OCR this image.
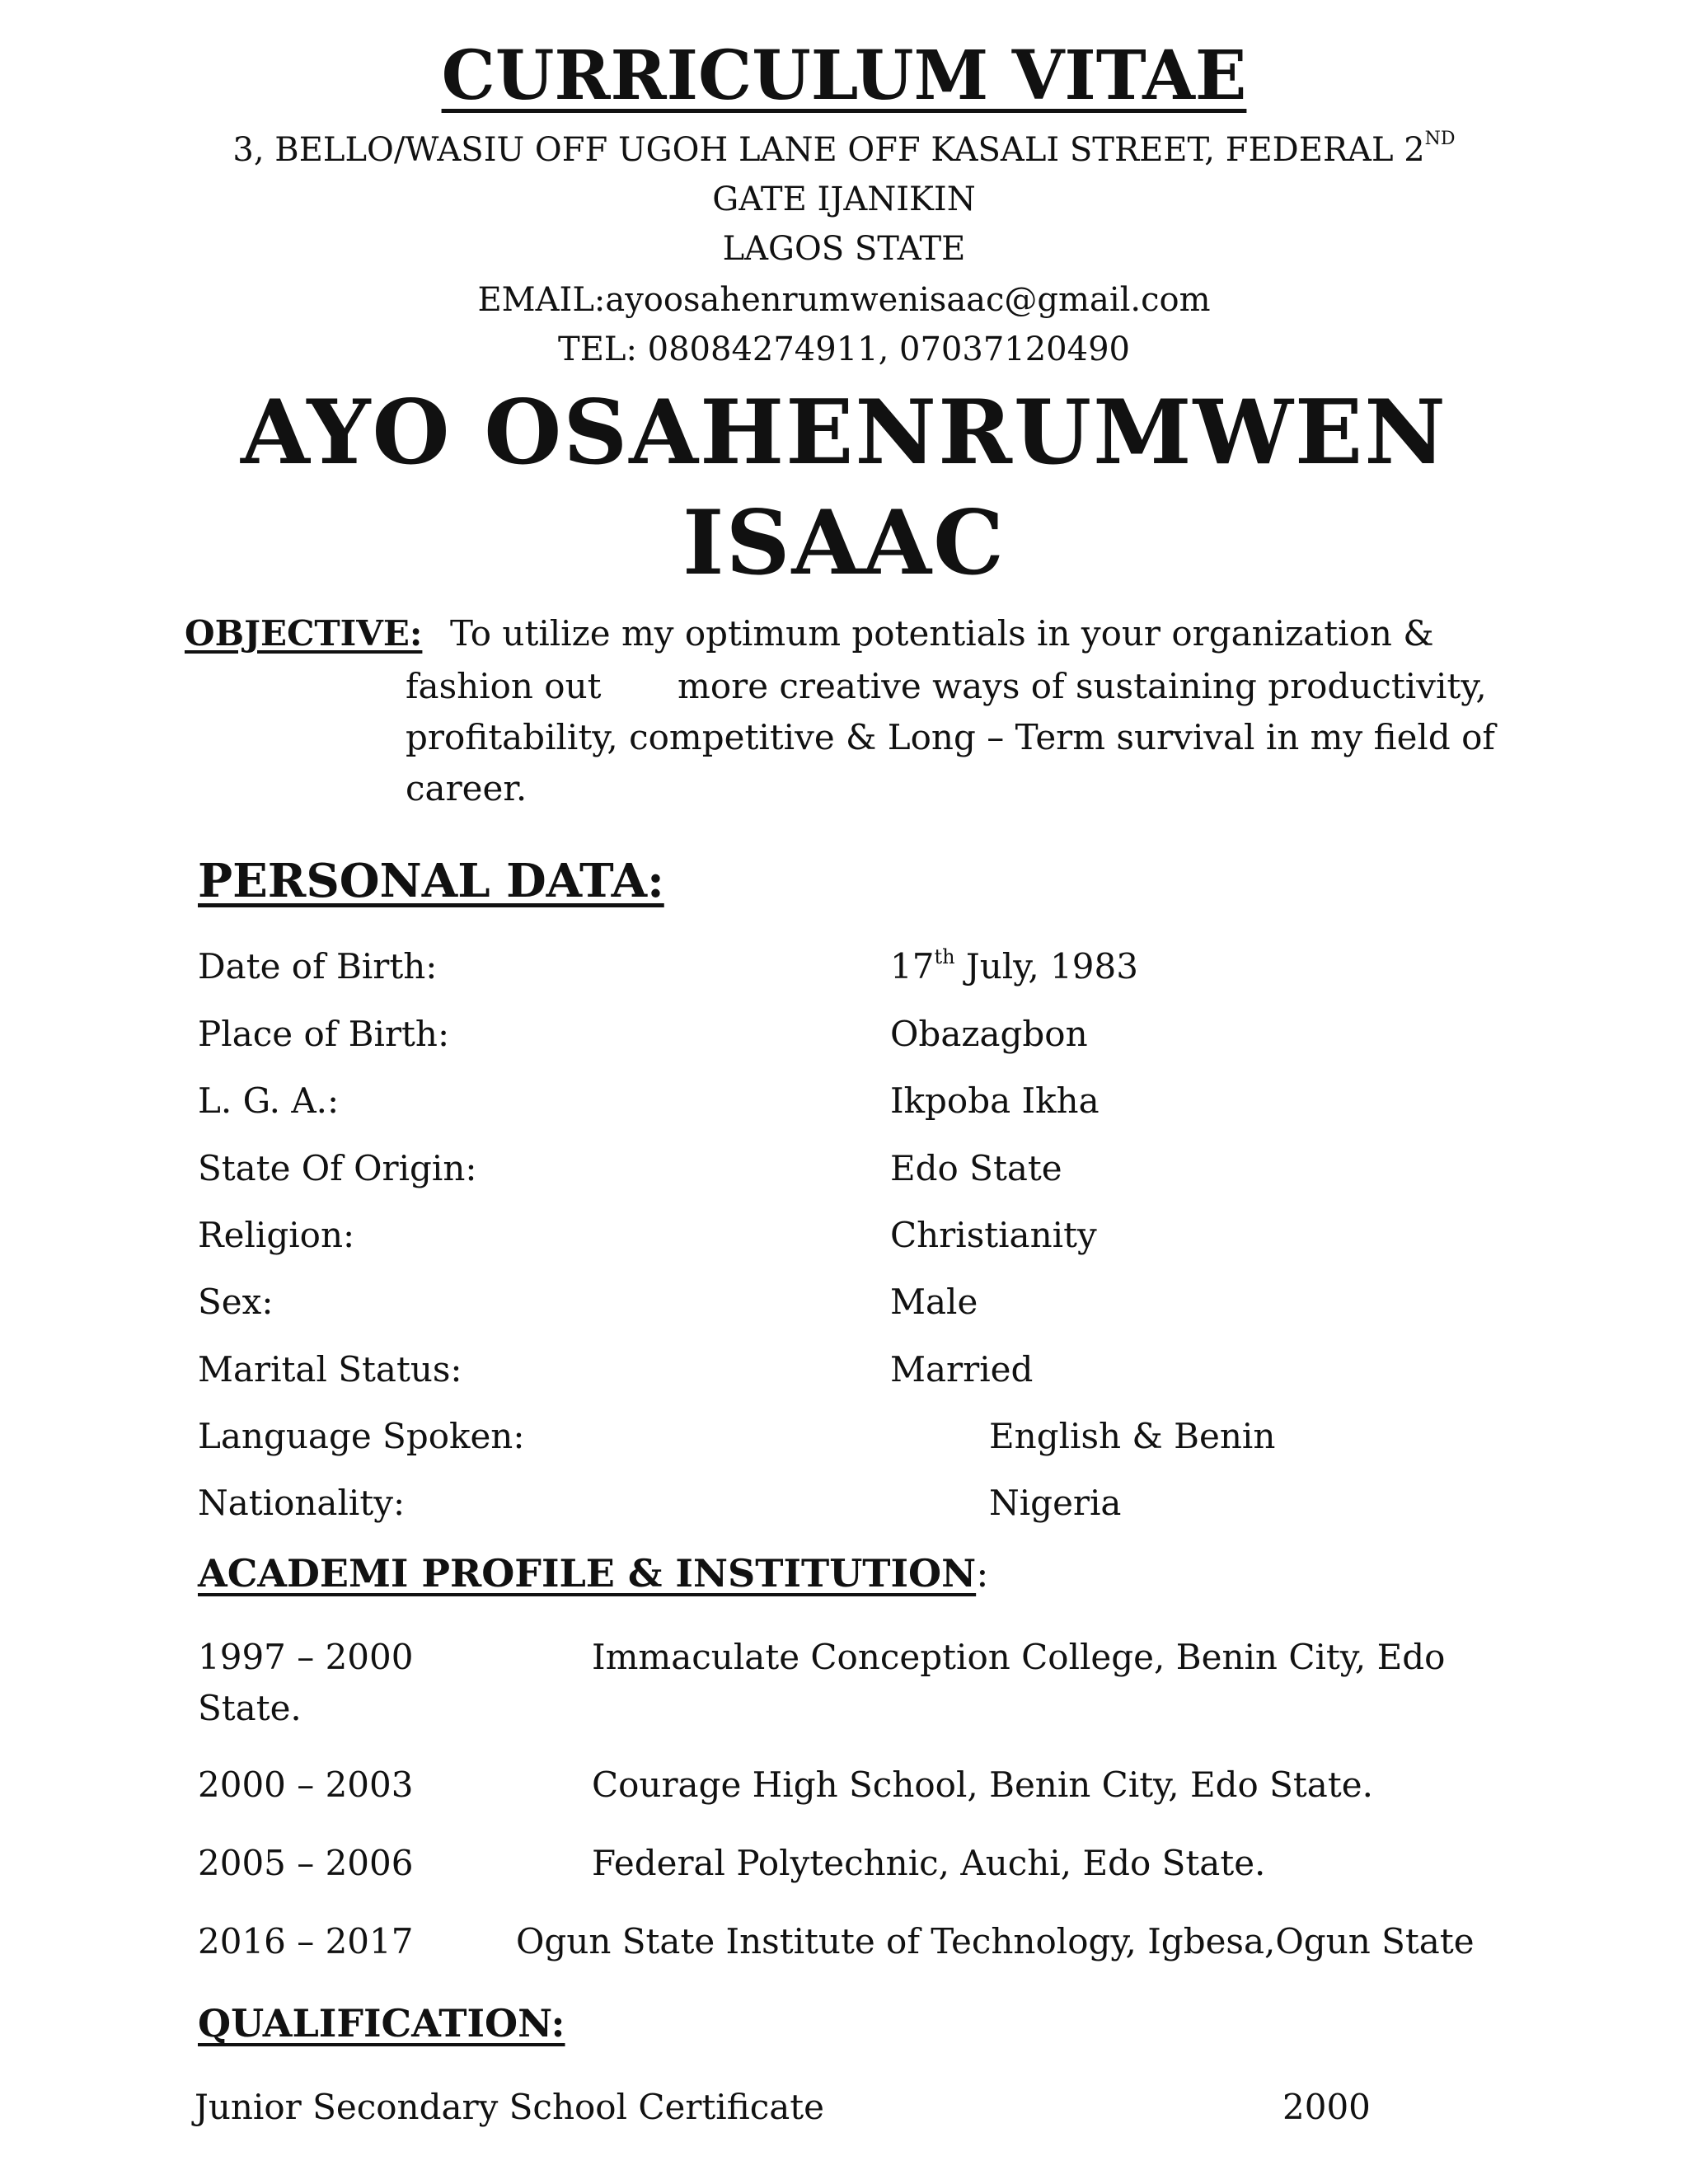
CURRICULUM VITAE
3, BELLO/WASIU OFF UGOH LANE OFF KASALI STREET, FEDERAL 2ND
GATE IJANIKIN
LAGOS STATE
EMAIL:ayoosahenrumwenisaac@gmail.com
TEL: 08084274911, 07037120490
AYO OSAHENRUMWEN
ISAAC
OBJECTIVE: To utilize my optimum potentials in your organization &
fashion out more creative ways of sustaining productivity,
profitability, competitive & Long – Term survival in my field of
career.
PERSONAL DATA:
Date of Birth:	17th July, 1983
Place of Birth:	Obazagbon
L. G. A.:	Ikpoba Ikha
State Of Origin:	Edo State
Religion:	Christianity
Sex:	Male
Marital Status:	Married
Language Spoken:	English & Benin
Nationality:	Nigeria
ACADEMI PROFILE & INSTITUTION:
1997 – 2000	Immaculate Conception College, Benin City, Edo
State.
2000 – 2003	Courage High School, Benin City, Edo State.
2005 – 2006	Federal Polytechnic, Auchi, Edo State.
2016 – 2017	Ogun State Institute of Technology, Igbesa,Ogun State
QUALIFICATION:
Junior Secondary School Certificate	2000
